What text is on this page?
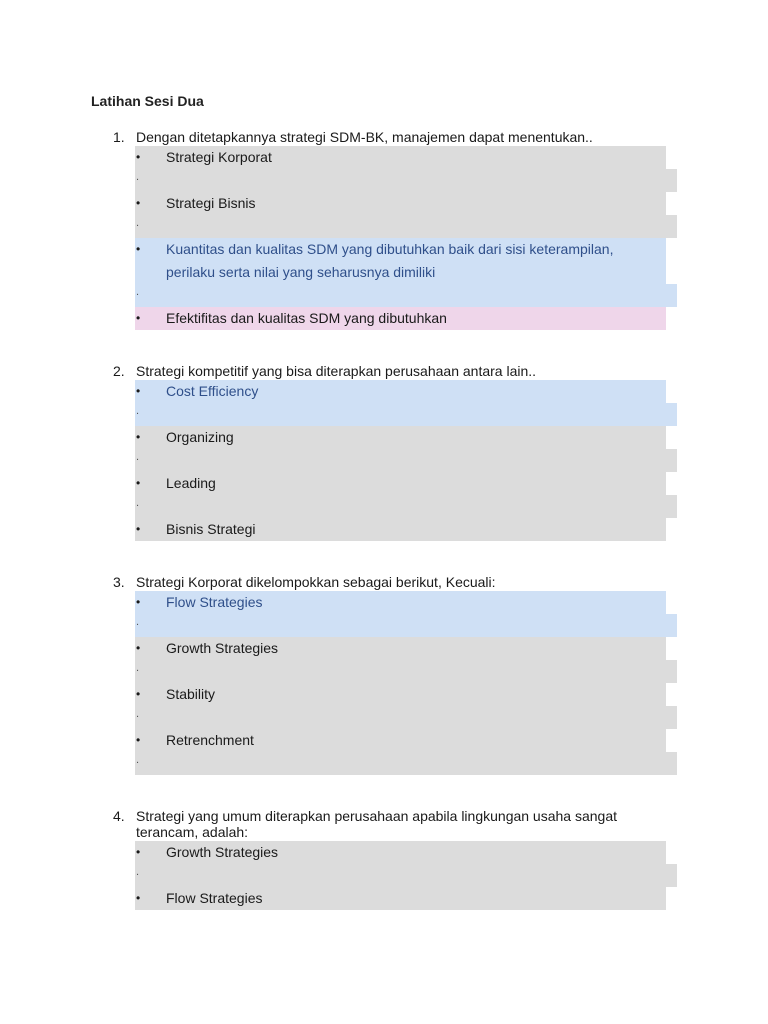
Latihan Sesi Dua
1. Dengan ditetapkannya strategi SDM-BK, manajemen dapat menentukan..
•	Strategi Korporat
.
•	Strategi Bisnis
.
•	Kuantitas dan kualitas SDM yang dibutuhkan baik dari sisi keterampilan, perilaku serta nilai yang seharusnya dimiliki
.
•	Efektifitas dan kualitas SDM yang dibutuhkan
2. Strategi kompetitif yang bisa diterapkan perusahaan antara lain..
•	Cost Efficiency
.
•	Organizing
.
•	Leading
.
•	Bisnis Strategi
3. Strategi Korporat dikelompokkan sebagai berikut, Kecuali:
•	Flow Strategies
.
•	Growth Strategies
.
•	Stability
.
•	Retrenchment
.
4. Strategi yang umum diterapkan perusahaan apabila lingkungan usaha sangat terancam, adalah:
•	Growth Strategies
.
•	Flow Strategies
